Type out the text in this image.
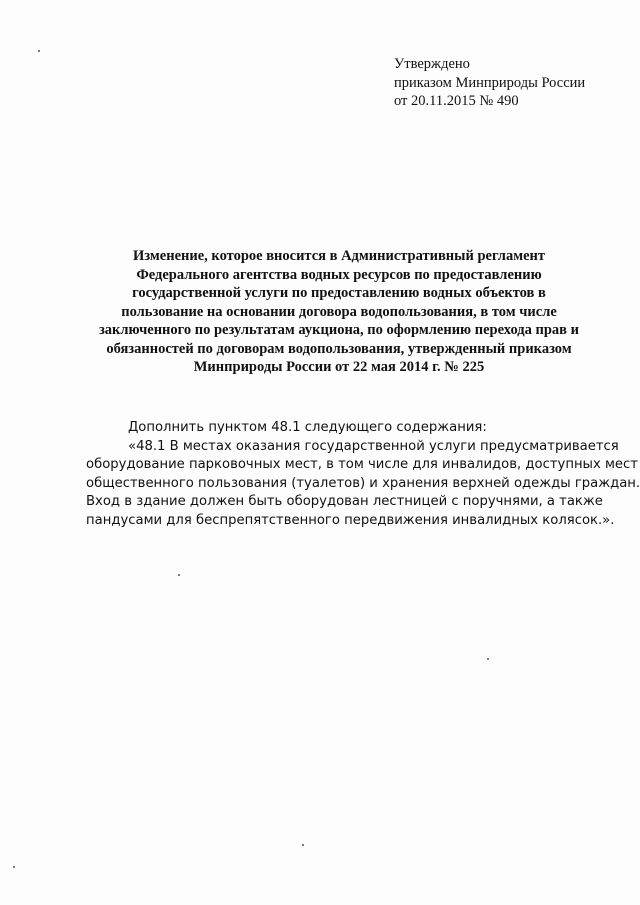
Утверждено
приказом Минприроды России
от 20.11.2015 № 490
Изменение, которое вносится в Административный регламент
Федерального агентства водных ресурсов по предоставлению
государственной услуги по предоставлению водных объектов в
пользование на основании договора водопользования, в том числе
заключенного по результатам аукциона, по оформлению перехода прав и
обязанностей по договорам водопользования, утвержденный приказом
Минприроды России от 22 мая 2014 г. № 225
Дополнить пунктом 48.1 следующего содержания:
«48.1 В местах оказания государственной услуги предусматривается
оборудование парковочных мест, в том числе для инвалидов, доступных мест
общественного пользования (туалетов) и хранения верхней одежды граждан.
Вход в здание должен быть оборудован лестницей с поручнями, а также
пандусами для беспрепятственного передвижения инвалидных колясок.».
